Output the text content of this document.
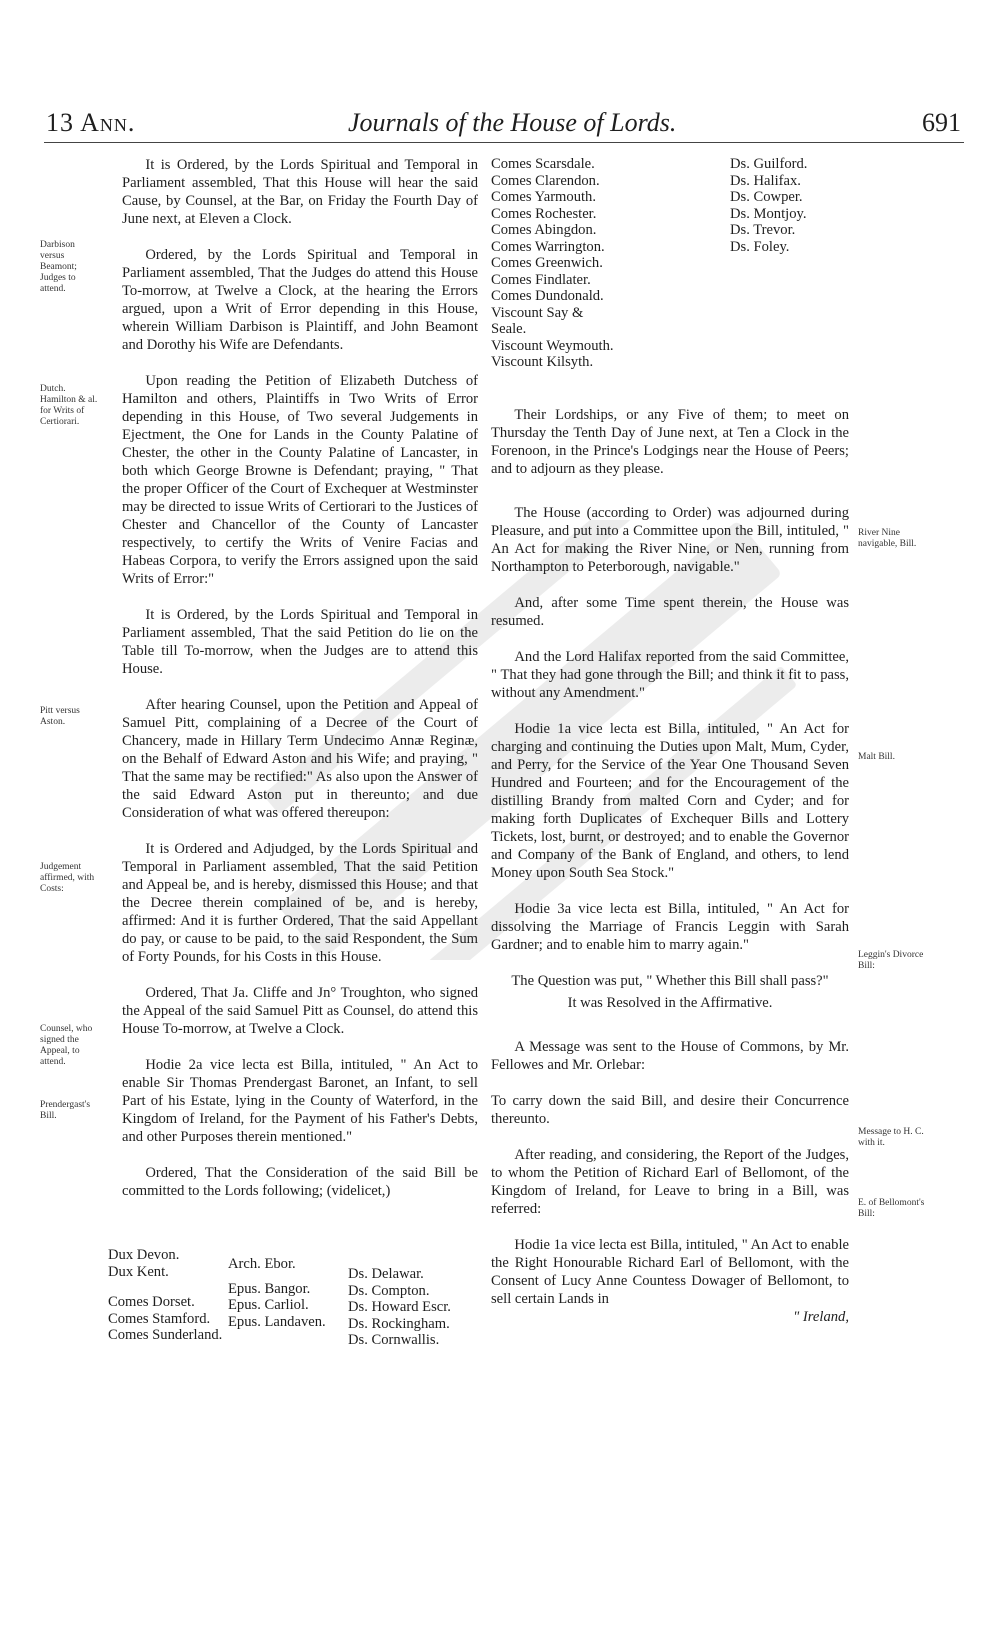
13 Ann.	Journals of the House of Lords.	691
Darbison versus Beamont; Judges to attend.
Dutch. Hamilton & al. for Writs of Certiorari.
Pitt versus Aston.
Judgement affirmed, with Costs:
Counsel, who signed the Appeal, to attend.
Prendergast's Bill.

It is Ordered, by the Lords Spiritual and Temporal in Parliament assembled, That this House will hear the said Cause, by Counsel, at the Bar, on Friday the Fourth Day of June next, at Eleven a Clock.

Ordered, by the Lords Spiritual and Temporal in Parliament assembled, That the Judges do attend this House To-morrow, at Twelve a Clock, at the hearing the Errors argued, upon a Writ of Error depending in this House, wherein William Darbison is Plaintiff, and John Beamont and Dorothy his Wife are Defendants.

Upon reading the Petition of Elizabeth Dutchess of Hamilton and others, Plaintiffs in Two Writs of Error depending in this House, of Two several Judgements in Ejectment, the One for Lands in the County Palatine of Chester, the other in the County Palatine of Lancaster, in both which George Browne is Defendant; praying, " That the proper Officer of the Court of Exchequer at Westminster may be directed to issue Writs of Certiorari to the Justices of Chester and Chancellor of the County of Lancaster respectively, to certify the Writs of Venire Facias and Habeas Corpora, to verify the Errors assigned upon the said Writs of Error:"

It is Ordered, by the Lords Spiritual and Temporal in Parliament assembled, That the said Petition do lie on the Table till To-morrow, when the Judges are to attend this House.

After hearing Counsel, upon the Petition and Appeal of Samuel Pitt, complaining of a Decree of the Court of Chancery, made in Hillary Term Undecimo Annæ Reginæ, on the Behalf of Edward Aston and his Wife; and praying, " That the same may be rectified:" As also upon the Answer of the said Edward Aston put in thereunto; and due Consideration of what was offered thereupon:

It is Ordered and Adjudged, by the Lords Spiritual and Temporal in Parliament assembled, That the said Petition and Appeal be, and is hereby, dismissed this House; and that the Decree therein complained of be, and is hereby, affirmed: And it is further Ordered, That the said Appellant do pay, or cause to be paid, to the said Respondent, the Sum of Forty Pounds, for his Costs in this House.

Ordered, That Ja. Cliffe and Jn° Troughton, who signed the Appeal of the said Samuel Pitt as Counsel, do attend this House To-morrow, at Twelve a Clock.

Hodie 2a vice lecta est Billa, intituled, " An Act to enable Sir Thomas Prendergast Baronet, an Infant, to sell Part of his Estate, lying in the County of Waterford, in the Kingdom of Ireland, for the Payment of his Father's Debts, and other Purposes therein mentioned."

Ordered, That the Consideration of the said Bill be committed to the Lords following; (videlicet,)

Dux Devon.
Dux Kent.
Comes Dorset.
Comes Stamford.
Comes Sunderland.
Arch. Ebor.
Epus. Bangor.
Epus. Carliol.
Epus. Landaven.
Ds. Delawar.
Ds. Compton.
Ds. Howard Escr.
Ds. Rockingham.
Ds. Cornwallis.
Comes Scarsdale.
Comes Clarendon.
Comes Yarmouth.
Comes Rochester.
Comes Abingdon.
Comes Warrington.
Comes Greenwich.
Comes Findlater.
Comes Dundonald.
Viscount Say & Seale.
Viscount Weymouth.
Viscount Kilsyth.
Ds. Guilford.
Ds. Halifax.
Ds. Cowper.
Ds. Montjoy.
Ds. Trevor.
Ds. Foley.

Their Lordships, or any Five of them; to meet on Thursday the Tenth Day of June next, at Ten a Clock in the Forenoon, in the Prince's Lodgings near the House of Peers; and to adjourn as they please.

The House (according to Order) was adjourned during Pleasure, and put into a Committee upon the Bill, intituled, " An Act for making the River Nine, or Nen, running from Northampton to Peterborough, navigable."

And, after some Time spent therein, the House was resumed.

And the Lord Halifax reported from the said Committee, " That they had gone through the Bill; and think it fit to pass, without any Amendment."

Hodie 1a vice lecta est Billa, intituled, " An Act for charging and continuing the Duties upon Malt, Mum, Cyder, and Perry, for the Service of the Year One Thousand Seven Hundred and Fourteen; and for the Encouragement of the distilling Brandy from malted Corn and Cyder; and for making forth Duplicates of Exchequer Bills and Lottery Tickets, lost, burnt, or destroyed; and to enable the Governor and Company of the Bank of England, and others, to lend Money upon South Sea Stock."

Hodie 3a vice lecta est Billa, intituled, " An Act for dissolving the Marriage of Francis Leggin with Sarah Gardner; and to enable him to marry again."

The Question was put, " Whether this Bill shall pass?"

It was Resolved in the Affirmative.

A Message was sent to the House of Commons, by Mr. Fellowes and Mr. Orlebar:

To carry down the said Bill, and desire their Concurrence thereunto.

After reading, and considering, the Report of the Judges, to whom the Petition of Richard Earl of Bellomont, of the Kingdom of Ireland, for Leave to bring in a Bill, was referred:

Hodie 1a vice lecta est Billa, intituled, " An Act to enable the Right Honourable Richard Earl of Bellomont, with the Consent of Lucy Anne Countess Dowager of Bellomont, to sell certain Lands in

" Ireland,
River Nine navigable, Bill.
Malt Bill.
Leggin's Divorce Bill:
Message to H. C. with it.
E. of Bellomont's Bill:
